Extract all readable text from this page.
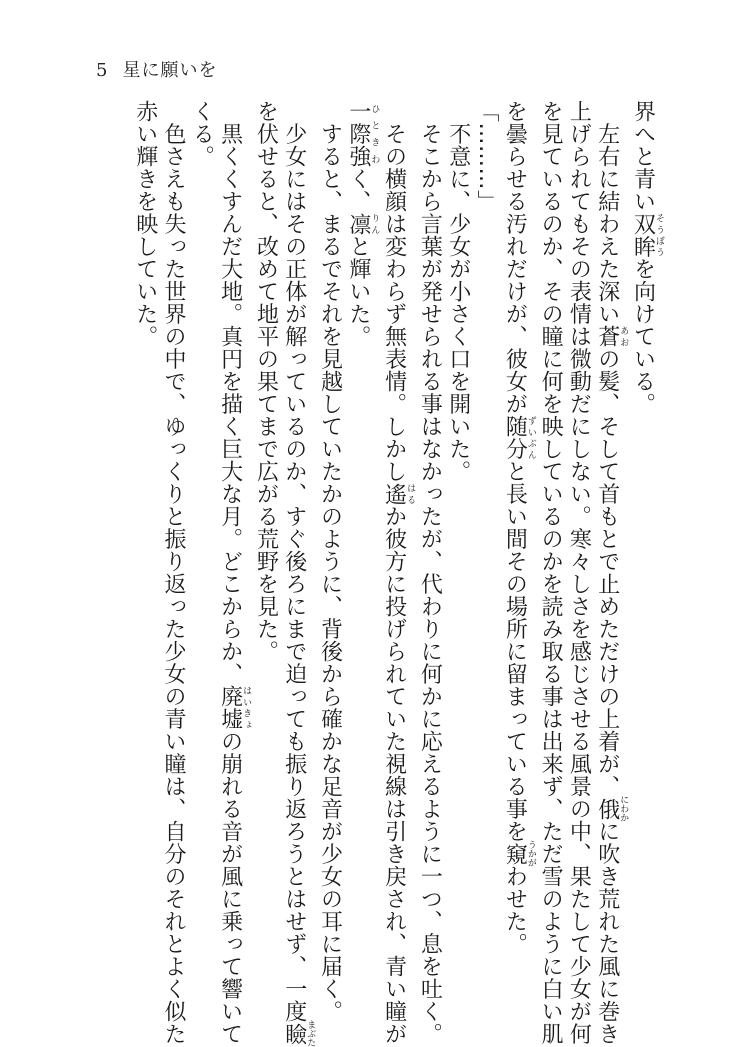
5 星に願いを
界へと青い双眸そうぼうを向けている。
　左右に結わえた深い蒼あおの髪、そして首もとで止めただけの上着が、俄にわかに吹き荒れた風に巻き
上げられてもその表情は微動だにしない。寒々しさを感じさせる風景の中、果たして少女が何
を見ているのか、その瞳に何を映しているのかを読み取る事は出来ず、ただ雪のように白い肌
を曇らせる汚れだけが、彼女が随分ずいぶんと長い間その場所に留まっている事を窺うかがわせた。
「………」
　不意に、少女が小さく口を開いた。
　そこから言葉が発せられる事はなかったが、代わりに何かに応えるように一つ、息を吐く。
　その横顔は変わらず無表情。しかし遙はるか彼方に投げられていた視線は引き戻され、青い瞳が
一際強ひときわく、凛りんと輝いた。
　すると、まるでそれを見越していたかのように、背後から確かな足音が少女の耳に届く。
　少女にはその正体が解っているのか、すぐ後ろにまで迫っても振り返ろうとはせず、一度瞼まぶた
を伏せると、改めて地平の果てまで広がる荒野を見た。
　黒くくすんだ大地。真円を描く巨大な月。どこからか、廃墟はいきょの崩れる音が風に乗って響いて
くる。
　色さえも失った世界の中で、ゆっくりと振り返った少女の青い瞳は、自分のそれとよく似た
赤い輝きを映していた。
